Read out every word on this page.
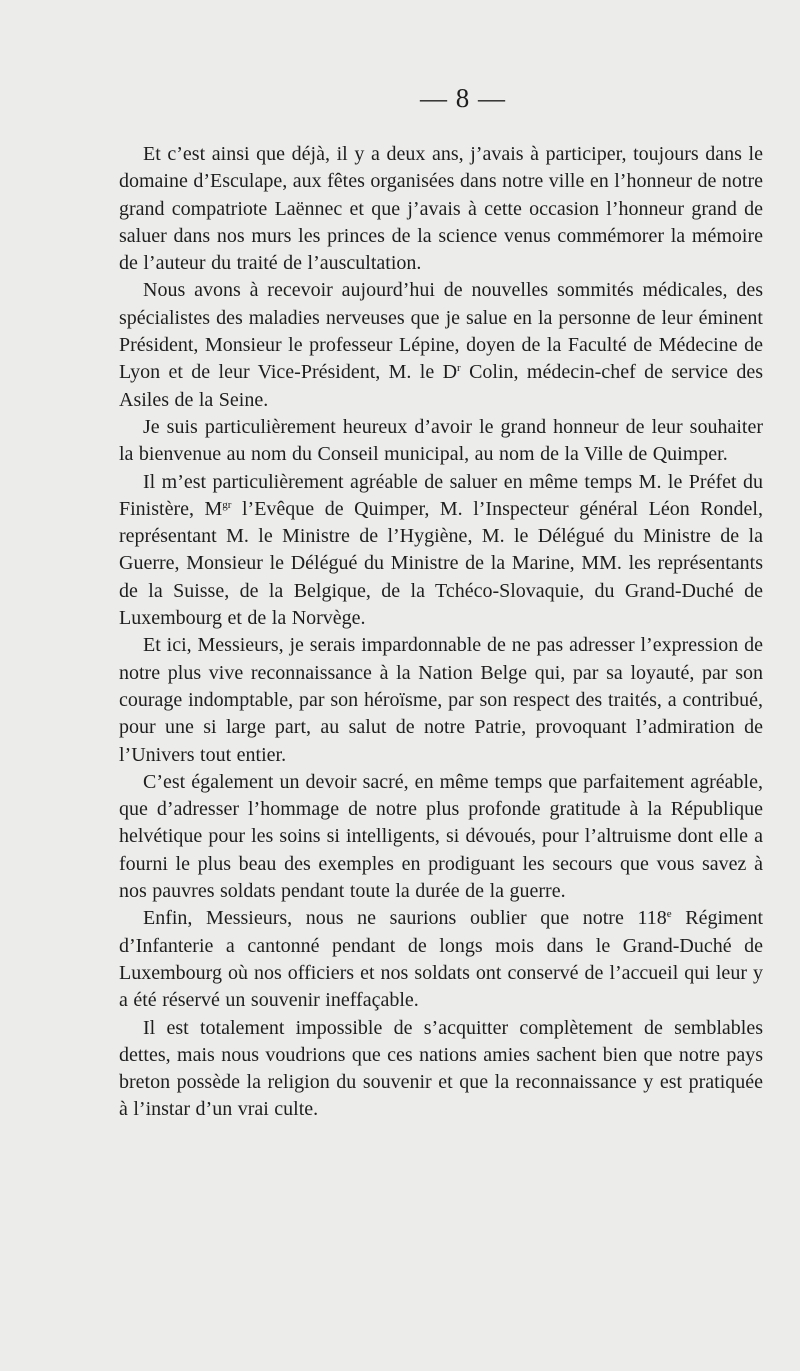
— 8 —

Et c’est ainsi que déjà, il y a deux ans, j’avais à participer, toujours dans le domaine d’Esculape, aux fêtes organisées dans notre ville en l’honneur de notre grand compatriote Laënnec et que j’avais à cette occasion l’honneur grand de saluer dans nos murs les princes de la science venus commémorer la mémoire de l’auteur du traité de l’auscultation.

Nous avons à recevoir aujourd’hui de nouvelles sommités médicales, des spécialistes des maladies nerveuses que je salue en la personne de leur éminent Président, Monsieur le professeur Lépine, doyen de la Faculté de Médecine de Lyon et de leur Vice-Président, M. le $D^r$ Colin, médecin-chef de service des Asiles de la Seine.

Je suis particulièrement heureux d’avoir le grand honneur de leur souhaiter la bienvenue au nom du Conseil municipal, au nom de la Ville de Quimper.

Il m’est particulièrement agréable de saluer en même temps M. le Préfet du Finistère, $M^{gr}$ l’Evêque de Quimper, M. l’Inspecteur général Léon Rondel, représentant M. le Ministre de l’Hygiène, M. le Délégué du Ministre de la Guerre, Monsieur le Délégué du Ministre de la Marine, MM. les représentants de la Suisse, de la Belgique, de la Tchéco-Slovaquie, du Grand-Duché de Luxembourg et de la Norvège.

Et ici, Messieurs, je serais impardonnable de ne pas adresser l’expression de notre plus vive reconnaissance à la Nation Belge qui, par sa loyauté, par son courage indomptable, par son héroïsme, par son respect des traités, a contribué, pour une si large part, au salut de notre Patrie, provoquant l’admiration de l’Univers tout entier.

C’est également un devoir sacré, en même temps que parfaitement agréable, que d’adresser l’hommage de notre plus profonde gratitude à la République helvétique pour les soins si intelligents, si dévoués, pour l’altruisme dont elle a fourni le plus beau des exemples en prodiguant les secours que vous savez à nos pauvres soldats pendant toute la durée de la guerre.

Enfin, Messieurs, nous ne saurions oublier que notre 118e Régiment d’Infanterie a cantonné pendant de longs mois dans le Grand-Duché de Luxembourg où nos officiers et nos soldats ont conservé de l’accueil qui leur y a été réservé un souvenir ineffaçable.

Il est totalement impossible de s’acquitter complètement de semblables dettes, mais nous voudrions que ces nations amies sachent bien que notre pays breton possède la religion du souvenir et que la reconnaissance y est pratiquée à l’instar d’un vrai culte.
